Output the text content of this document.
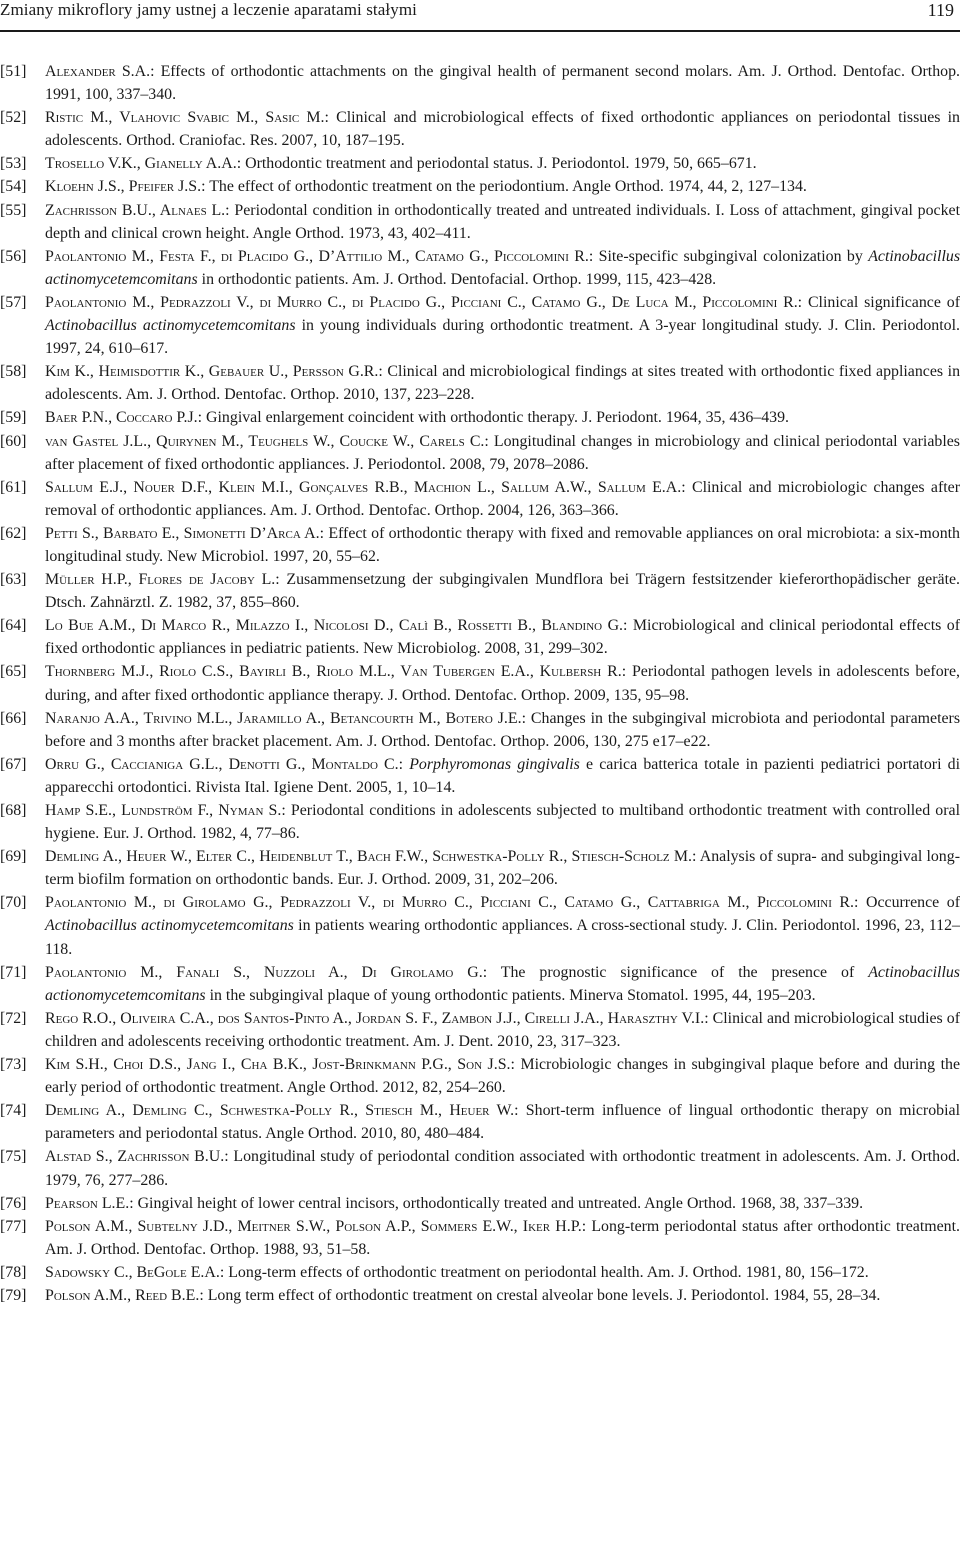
Zmiany mikroflory jamy ustnej a leczenie aparatami stałymi	119
[51]	Alexander S.A.: Effects of orthodontic attachments on the gingival health of permanent second molars. Am. J. Orthod. Dentofac. Orthop. 1991, 100, 337–340.
[52]	Ristic M., Vlahovic Svabic M., Sasic M.: Clinical and microbiological effects of fixed orthodontic appliances on periodontal tissues in adolescents. Orthod. Craniofac. Res. 2007, 10, 187–195.
[53]	Trosello V.K., Gianelly A.A.: Orthodontic treatment and periodontal status. J. Periodontol. 1979, 50, 665–671.
[54]	Kloehn J.S., Pfeifer J.S.: The effect of orthodontic treatment on the periodontium. Angle Orthod. 1974, 44, 2, 127–134.
[55]	Zachrisson B.U., Alnaes L.: Periodontal condition in orthodontically treated and untreated individuals. I. Loss of attachment, gingival pocket depth and clinical crown height. Angle Orthod. 1973, 43, 402–411.
[56]	Paolantonio M., Festa F., di Placido G., D’Attilio M., Catamo G., Piccolomini R.: Site-specific subgingival colonization by Actinobacillus actinomycetemcomitans in orthodontic patients. Am. J. Orthod. Dentofacial. Orthop. 1999, 115, 423–428.
[57]	Paolantonio M., Pedrazzoli V., di Murro C., di Placido G., Picciani C., Catamo G., De Luca M., Piccolomini R.: Clinical significance of Actinobacillus actinomycetemcomitans in young individuals during orthodontic treatment. A 3-year longitudinal study. J. Clin. Periodontol. 1997, 24, 610–617.
[58]	Kim K., Heimisdottir K., Gebauer U., Persson G.R.: Clinical and microbiological findings at sites treated with orthodontic fixed appliances in adolescents. Am. J. Orthod. Dentofac. Orthop. 2010, 137, 223–228.
[59]	Baer P.N., Coccaro P.J.: Gingival enlargement coincident with orthodontic therapy. J. Periodont. 1964, 35, 436–439.
[60]	van Gastel J.L., Quirynen M., Teughels W., Coucke W., Carels C.: Longitudinal changes in microbiology and clinical periodontal variables after placement of fixed orthodontic appliances. J. Periodontol. 2008, 79, 2078–2086.
[61]	Sallum E.J., Nouer D.F., Klein M.I., Gonçalves R.B., Machion L., Sallum A.W., Sallum E.A.: Clinical and microbiologic changes after removal of orthodontic appliances. Am. J. Orthod. Dentofac. Orthop. 2004, 126, 363–366.
[62]	Petti S., Barbato E., Simonetti D’Arca A.: Effect of orthodontic therapy with fixed and removable appliances on oral microbiota: a six-month longitudinal study. New Microbiol. 1997, 20, 55–62.
[63]	Müller H.P., Flores de Jacoby L.: Zusammensetzung der subgingivalen Mundflora bei Trägern festsitzender kieferorthopädischer geräte. Dtsch. Zahnärztl. Z. 1982, 37, 855–860.
[64]	Lo Bue A.M., Di Marco R., Milazzo I., Nicolosi D., Calì B., Rossetti B., Blandino G.: Microbiological and clinical periodontal effects of fixed orthodontic appliances in pediatric patients. New Microbiolog. 2008, 31, 299–302.
[65]	Thornberg M.J., Riolo C.S., Bayirli B., Riolo M.L., Van Tubergen E.A., Kulbersh R.: Periodontal pathogen levels in adolescents before, during, and after fixed orthodontic appliance therapy. J. Orthod. Dentofac. Orthop. 2009, 135, 95–98.
[66]	Naranjo A.A., Trivino M.L., Jaramillo A., Betancourth M., Botero J.E.: Changes in the subgingival microbiota and periodontal parameters before and 3 months after bracket placement. Am. J. Orthod. Dentofac. Orthop. 2006, 130, 275 e17–e22.
[67]	Orru G., Caccianiga G.L., Denotti G., Montaldo C.: Porphyromonas gingivalis e carica batterica totale in pazienti pediatrici portatori di apparecchi ortodontici. Rivista Ital. Igiene Dent. 2005, 1, 10–14.
[68]	Hamp S.E., Lundström F., Nyman S.: Periodontal conditions in adolescents subjected to multiband orthodontic treatment with controlled oral hygiene. Eur. J. Orthod. 1982, 4, 77–86.
[69]	Demling A., Heuer W., Elter C., Heidenblut T., Bach F.W., Schwestka-Polly R., Stiesch-Scholz M.: Analysis of supra- and subgingival long-term biofilm formation on orthodontic bands. Eur. J. Orthod. 2009, 31, 202–206.
[70]	Paolantonio M., di Girolamo G., Pedrazzoli V., di Murro C., Picciani C., Catamo G., Cattabriga M., Piccolomini R.: Occurrence of Actinobacillus actinomycetemcomitans in patients wearing orthodontic appliances. A cross-sectional study. J. Clin. Periodontol. 1996, 23, 112–118.
[71]	Paolantonio M., Fanali S., Nuzzoli A., Di Girolamo G.: The prognostic significance of the presence of Actinobacillus actionomycetemcomitans in the subgingival plaque of young orthodontic patients. Minerva Stomatol. 1995, 44, 195–203.
[72]	Rego R.O., Oliveira C.A., dos Santos-Pinto A., Jordan S. F., Zambon J.J., Cirelli J.A., Haraszthy V.I.: Clinical and microbiological studies of children and adolescents receiving orthodontic treatment. Am. J. Dent. 2010, 23, 317–323.
[73]	Kim S.H., Choi D.S., Jang I., Cha B.K., Jost-Brinkmann P.G., Son J.S.: Microbiologic changes in subgingival plaque before and during the early period of orthodontic treatment. Angle Orthod. 2012, 82, 254–260.
[74]	Demling A., Demling C., Schwestka-Polly R., Stiesch M., Heuer W.: Short-term influence of lingual orthodontic therapy on microbial parameters and periodontal status. Angle Orthod. 2010, 80, 480–484.
[75]	Alstad S., Zachrisson B.U.: Longitudinal study of periodontal condition associated with orthodontic treatment in adolescents. Am. J. Orthod. 1979, 76, 277–286.
[76]	Pearson L.E.: Gingival height of lower central incisors, orthodontically treated and untreated. Angle Orthod. 1968, 38, 337–339.
[77]	Polson A.M., Subtelny J.D., Meitner S.W., Polson A.P., Sommers E.W., Iker H.P.: Long-term periodontal status after orthodontic treatment. Am. J. Orthod. Dentofac. Orthop. 1988, 93, 51–58.
[78]	Sadowsky C., BeGole E.A.: Long-term effects of orthodontic treatment on periodontal health. Am. J. Orthod. 1981, 80, 156–172.
[79]	Polson A.M., Reed B.E.: Long term effect of orthodontic treatment on crestal alveolar bone levels. J. Periodontol. 1984, 55, 28–34.
